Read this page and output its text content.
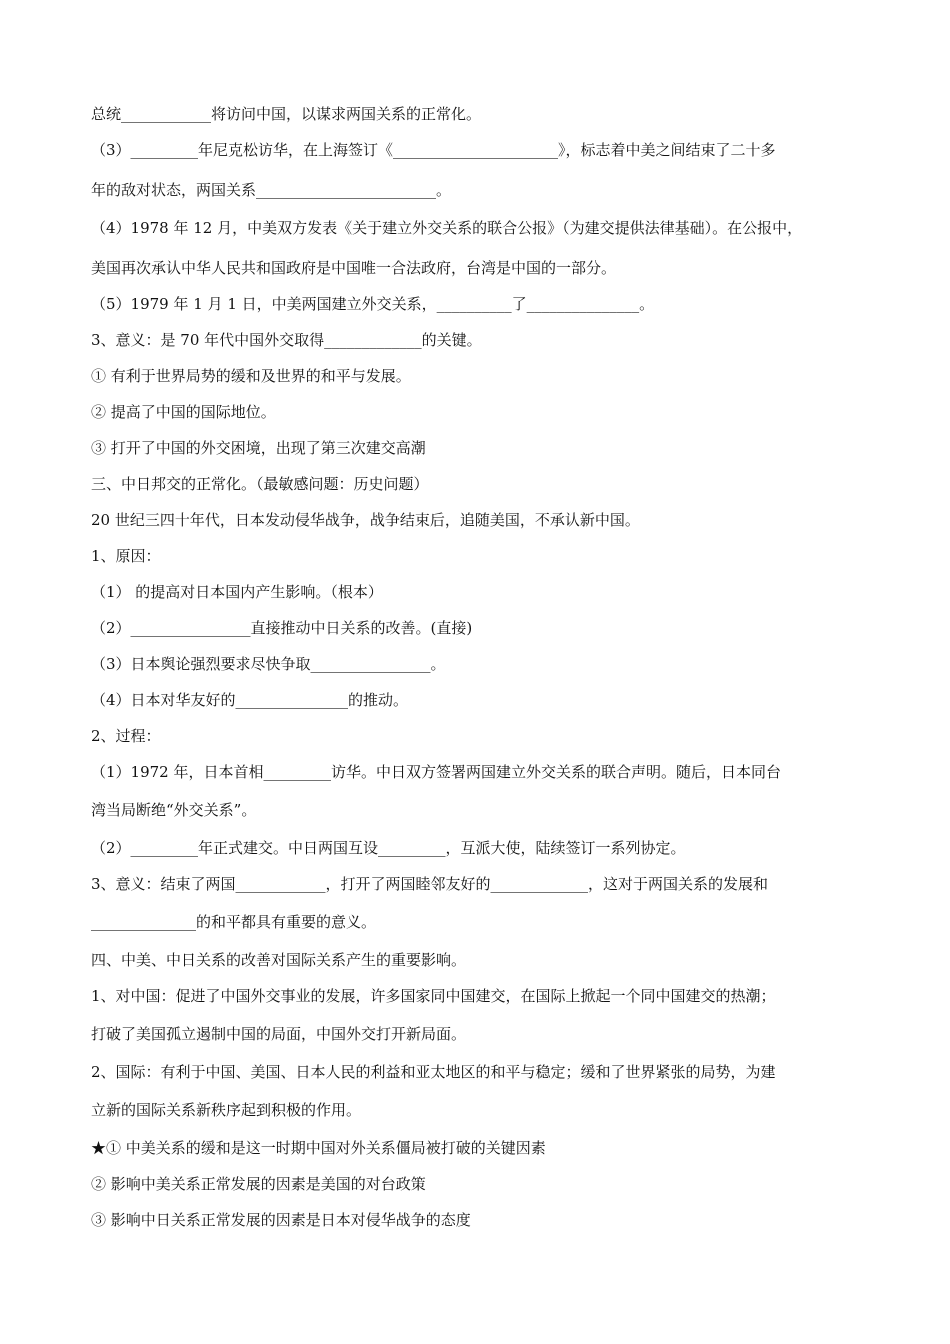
总统____________将访问中国，以谋求两国关系的正常化。
（3）_________年尼克松访华，在上海签订《______________________》，标志着中美之间结束了二十多
年的敌对状态，两国关系________________________。
（4）1978 年 12 月，中美双方发表《关于建立外交关系的联合公报》（为建交提供法律基础）。在公报中，
美国再次承认中华人民共和国政府是中国唯一合法政府，台湾是中国的一部分。
（5）1979 年 1 月 1 日，中美两国建立外交关系，__________了_______________。
3、意义：是 70 年代中国外交取得_____________的关键。
① 有利于世界局势的缓和及世界的和平与发展。
② 提高了中国的国际地位。
③ 打开了中国的外交困境，出现了第三次建交高潮
三、中日邦交的正常化。（最敏感问题：历史问题）
20 世纪三四十年代，日本发动侵华战争，战争结束后，追随美国，不承认新中国。
1、原因：
（1） 的提高对日本国内产生影响。（根本）
（2）________________直接推动中日关系的改善。(直接)
（3）日本舆论强烈要求尽快争取________________。
（4）日本对华友好的_______________的推动。
2、过程：
（1）1972 年，日本首相_________访华。中日双方签署两国建立外交关系的联合声明。随后，日本同台
湾当局断绝“外交关系”。
（2）_________年正式建交。中日两国互设_________，互派大使，陆续签订一系列协定。
3、意义：结束了两国____________，打开了两国睦邻友好的_____________，这对于两国关系的发展和
______________的和平都具有重要的意义。
四、中美、中日关系的改善对国际关系产生的重要影响。
1、对中国：促进了中国外交事业的发展，许多国家同中国建交，在国际上掀起一个同中国建交的热潮；
打破了美国孤立遏制中国的局面，中国外交打开新局面。
2、国际：有利于中国、美国、日本人民的利益和亚太地区的和平与稳定；缓和了世界紧张的局势，为建
立新的国际关系新秩序起到积极的作用。
★① 中美关系的缓和是这一时期中国对外关系僵局被打破的关键因素
② 影响中美关系正常发展的因素是美国的对台政策
③ 影响中日关系正常发展的因素是日本对侵华战争的态度
